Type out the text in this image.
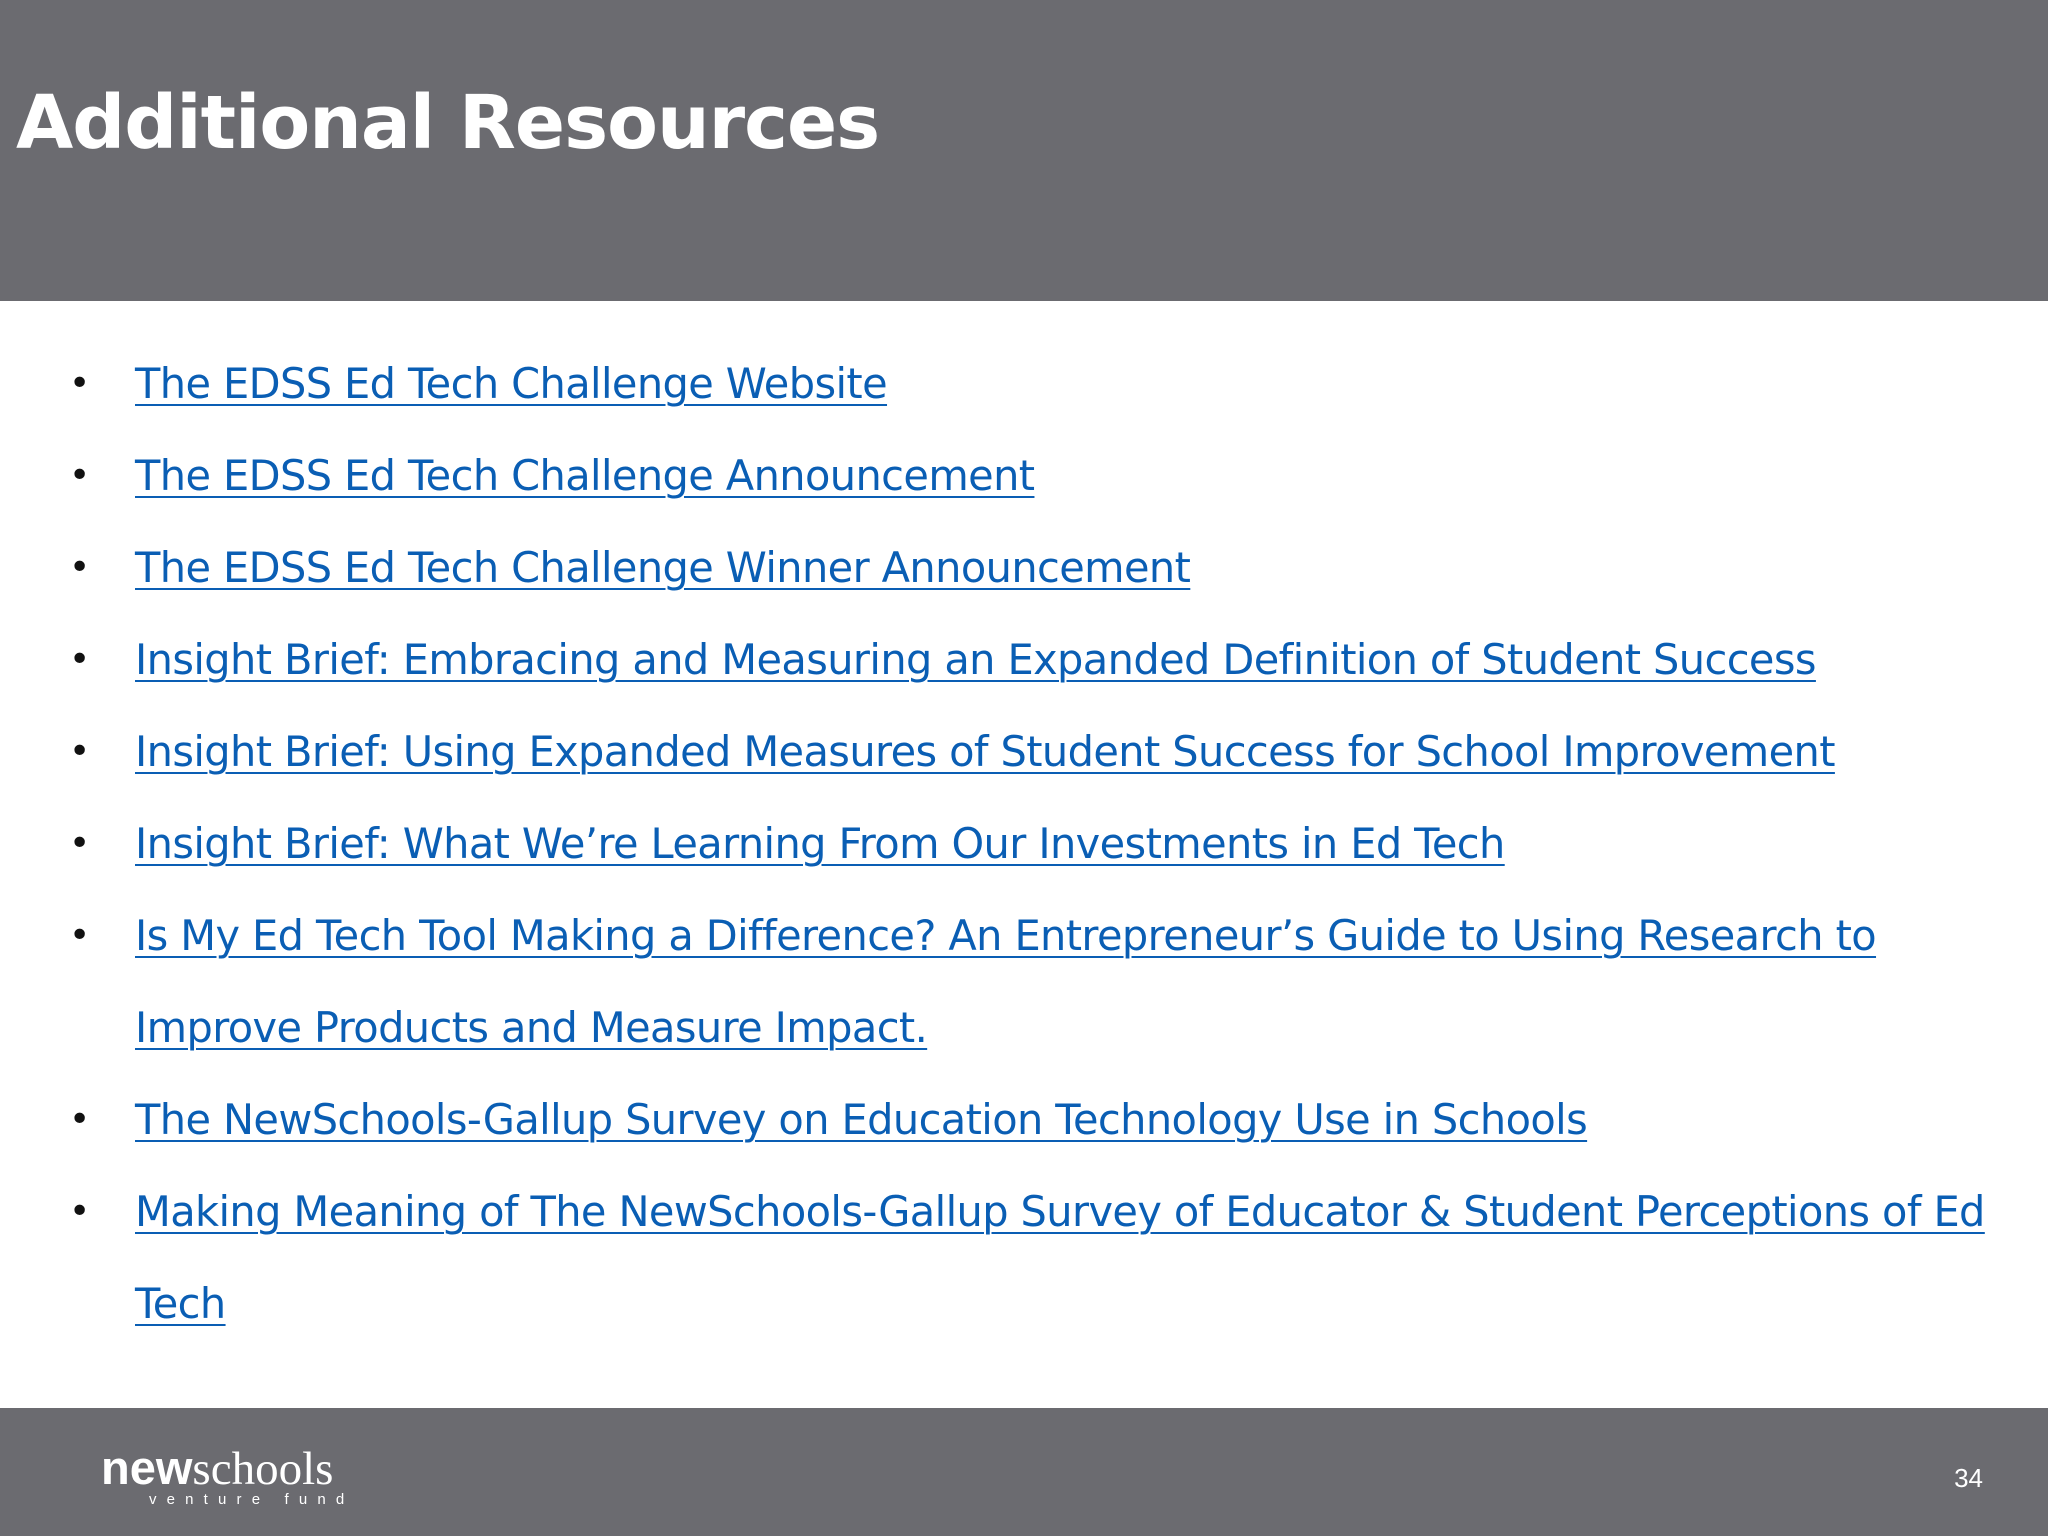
Additional Resources
• The EDSS Ed Tech Challenge Website
• The EDSS Ed Tech Challenge Announcement
• The EDSS Ed Tech Challenge Winner Announcement
• Insight Brief: Embracing and Measuring an Expanded Definition of Student Success
• Insight Brief: Using Expanded Measures of Student Success for School Improvement
• Insight Brief: What We’re Learning From Our Investments in Ed Tech
• Is My Ed Tech Tool Making a Difference? An Entrepreneur’s Guide to Using Research to Improve Products and Measure Impact.
• The NewSchools-Gallup Survey on Education Technology Use in Schools
• Making Meaning of The NewSchools-Gallup Survey of Educator & Student Perceptions of Ed Tech
newschools
v e n t u r e   f u n d
34
